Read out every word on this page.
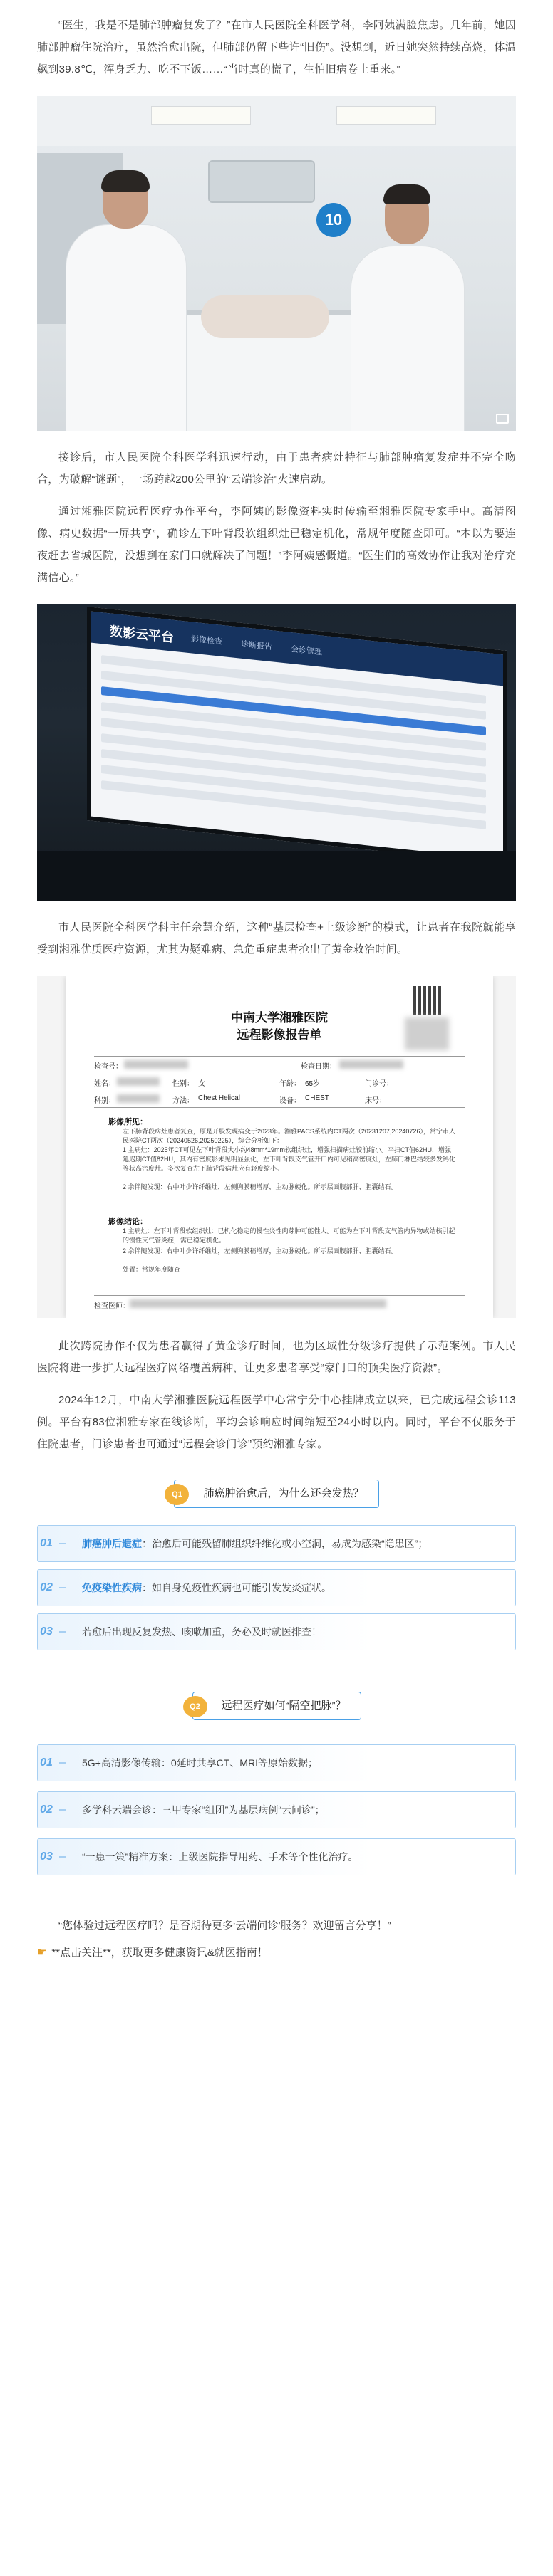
“医生，我是不是肺部肿瘤复发了？”在市人民医院全科医学科，李阿姨满脸焦虑。几年前，她因肺部肿瘤住院治疗，虽然治愈出院，但肺部仍留下些许“旧伤”。没想到，近日她突然持续高烧，体温飙到39.8℃，浑身乏力、吃不下饭……“当时真的慌了，生怕旧病卷土重来。”

10

接诊后，市人民医院全科医学科迅速行动，由于患者病灶特征与肺部肿瘤复发症并不完全吻合，为破解“谜题”，一场跨越200公里的“云端诊治”火速启动。

通过湘雅医院远程医疗协作平台，李阿姨的影像资料实时传输至湘雅医院专家手中。高清图像、病史数据“一屏共享”，确诊左下叶背段软组织灶已稳定机化，常规年度随查即可。“本以为要连夜赶去省城医院，没想到在家门口就解决了问题！”李阿姨感慨道。“医生们的高效协作让我对治疗充满信心。”

数影云平台 影像检查 诊断报告 会诊管理

市人民医院全科医学科主任佘慧介绍，这种“基层检查+上级诊断”的模式，让患者在我院就能享受到湘雅优质医疗资源，尤其为疑难病、急危重症患者抢出了黄金救治时间。

中南大学湘雅医院
远程影像报告单
检查号：	检查日期：
姓名：	性别： 女	年龄： 65岁	门诊号：
科别：	方法： Chest Helical	设备： CHEST	床号：
影像所见：
左下肺背段病灶患者复查，原是开胶发现病变于2023年。湘雅PACS系统内CT两次（20231207,20240726），常宁市人民医院CT两次（20240526,20250225），综合分析如下：
1 主病灶：2025年CT可见左下叶背段大小约48mm*19mm软组织灶，增强扫描病灶较前缩小。平扫CT值62HU，增强延迟期CT值82HU，其内有密度影未见明显强化，左下叶背段支气管开口内可见稍高密度灶，左肺门淋巴结较多发钙化等状高密度灶。多次复查左下肺背段病灶应有轻度缩小。
2 余伴随发现：右中叶少许纤维灶，左侧胸膜稍增厚，主动脉硬化。所示层面腹部肝、胆囊结石。
影像结论：
1 主病灶：左下叶背段软组织灶：已机化稳定的慢性炎性肉芽肿可能性大。可能为左下叶背段支气管内异物或结核引起的慢性支气管炎症，需已稳定机化。
2 余伴随发现：右中叶少许纤维灶，左侧胸膜稍增厚，主动脉硬化。所示层面腹部肝、胆囊结石。
处置：常规年度随查
检查医师：

此次跨院协作不仅为患者赢得了黄金诊疗时间，也为区域性分级诊疗提供了示范案例。市人民医院将进一步扩大远程医疗网络覆盖病种，让更多患者享受“家门口的顶尖医疗资源”。

2024年12月，中南大学湘雅医院远程医学中心常宁分中心挂牌成立以来，已完成远程会诊113例。平台有83位湘雅专家在线诊断，平均会诊响应时间缩短至24小时以内。同时，平台不仅服务于住院患者，门诊患者也可通过“远程会诊门诊”预约湘雅专家。

Q1	肺癌肿治愈后，为什么还会发热？
01	肺癌肿后遗症：治愈后可能残留肺组织纤维化或小空洞，易成为感染“隐患区”；
02	免疫染性疾病：如自身免疫性疾病也可能引发发炎症状。
03	若愈后出现反复发热、咳嗽加重，务必及时就医排查！
Q2	远程医疗如何“隔空把脉”？
01	5G+高清影像传输：0延时共享CT、MRI等原始数据；
02	多学科云端会诊：三甲专家“组团”为基层病例“云问诊”；
03	“一患一策”精准方案：上级医院指导用药、手术等个性化治疗。

“您体验过远程医疗吗？是否期待更多‘云端问诊’服务？欢迎留言分享！”

☛ **点击关注**，获取更多健康资讯&就医指南！
